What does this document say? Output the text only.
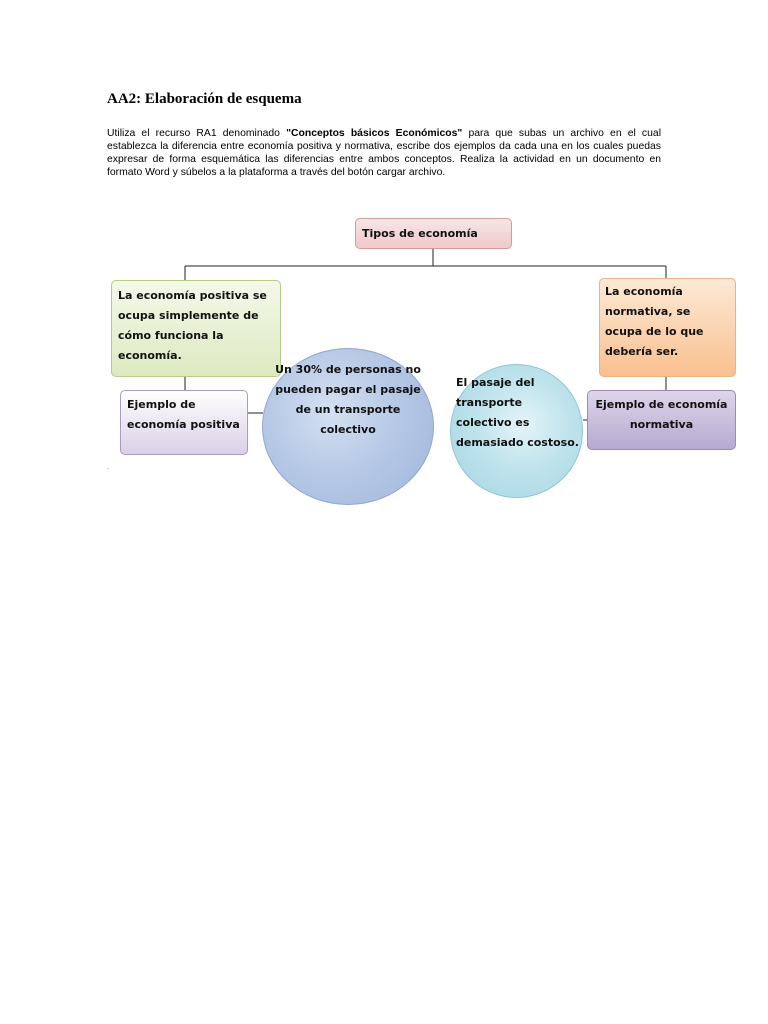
AA2: Elaboración de esquema
Utiliza el recurso RA1 denominado "Conceptos básicos Económicos" para que subas un archivo en el cual establezca la diferencia entre economía positiva y normativa, escribe dos ejemplos da cada una en los cuales puedas expresar de forma esquemática las diferencias entre ambos conceptos. Realiza la actividad en un documento en formato Word y súbelos a la plataforma a través del botón cargar archivo.
Tipos de economía
La economía positiva se ocupa simplemente de cómo funciona la economía.
La economía normativa, se ocupa de lo que debería ser.
Ejemplo de economía positiva
Ejemplo de economía normativa
Un 30% de personas no pueden pagar el pasaje de un transporte colectivo
El pasaje del transporte colectivo es demasiado costoso.
.
